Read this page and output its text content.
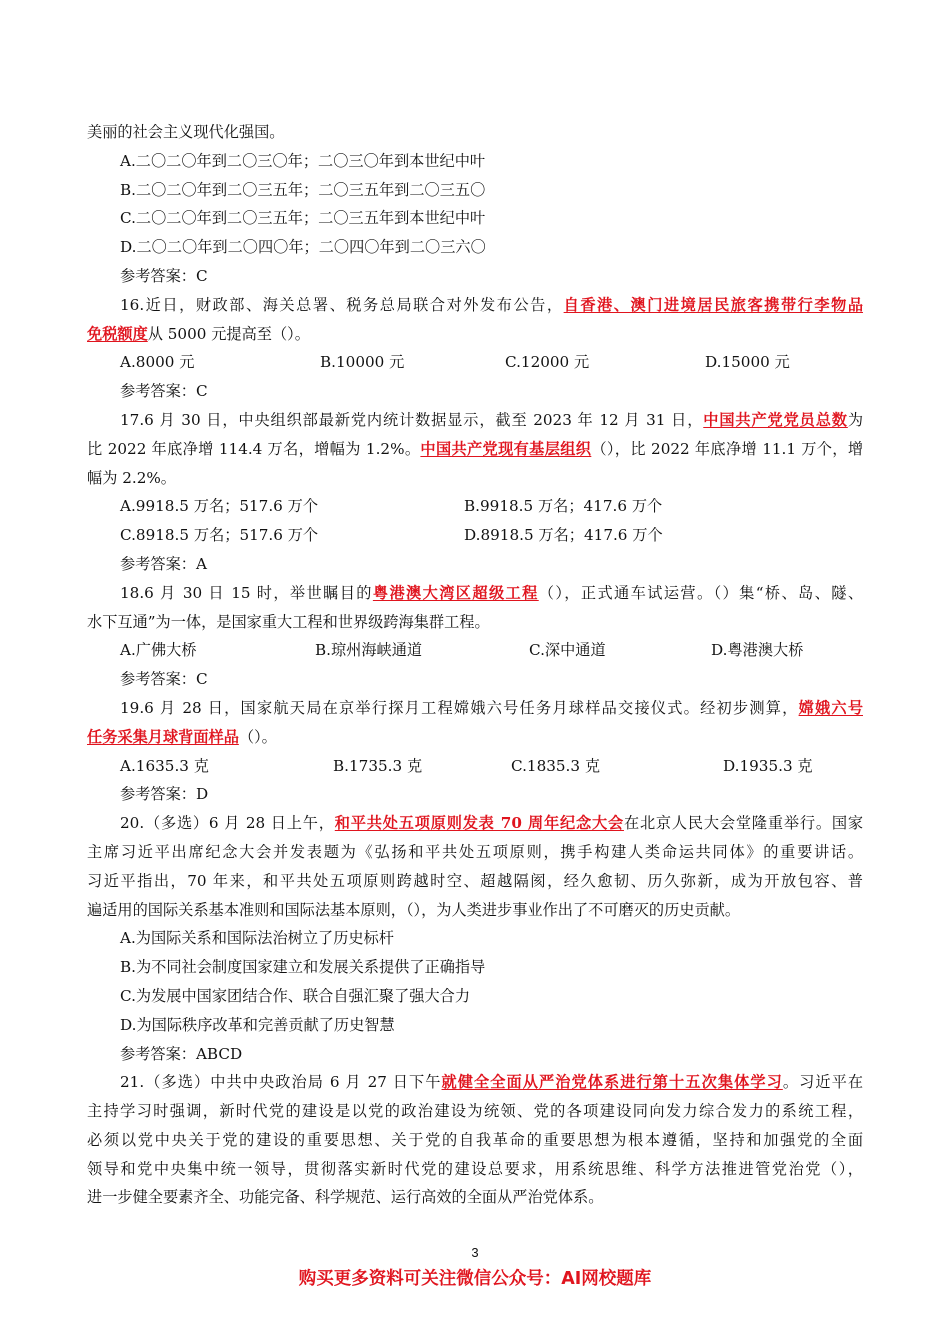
美丽的社会主义现代化强国。
A.二〇二〇年到二〇三〇年；二〇三〇年到本世纪中叶
B.二〇二〇年到二〇三五年；二〇三五年到二〇三五〇
C.二〇二〇年到二〇三五年；二〇三五年到本世纪中叶
D.二〇二〇年到二〇四〇年；二〇四〇年到二〇三六〇
参考答案：C
16.近日，财政部、海关总署、税务总局联合对外发布公告，自香港、澳门进境居民旅客携带行李物品
免税额度从 5000 元提高至（）。
A.8000 元	B.10000 元	C.12000 元	D.15000 元
参考答案：C
17.6 月 30 日，中央组织部最新党内统计数据显示，截至 2023 年 12 月 31 日，中国共产党党员总数为
比 2022 年底净增 114.4 万名，增幅为 1.2%。中国共产党现有基层组织（），比 2022 年底净增 11.1 万个，增
幅为 2.2%。
A.9918.5 万名；517.6 万个	B.9918.5 万名；417.6 万个
C.8918.5 万名；517.6 万个	D.8918.5 万名；417.6 万个
参考答案：A
18.6 月 30 日 15 时，举世瞩目的粤港澳大湾区超级工程（），正式通车试运营。（）集“桥、岛、隧、
水下互通”为一体，是国家重大工程和世界级跨海集群工程。
A.广佛大桥	B.琼州海峡通道	C.深中通道	D.粤港澳大桥
参考答案：C
19.6 月 28 日，国家航天局在京举行探月工程嫦娥六号任务月球样品交接仪式。经初步测算，嫦娥六号
任务采集月球背面样品（）。
A.1635.3 克	B.1735.3 克	C.1835.3 克	D.1935.3 克
参考答案：D
20.（多选）6 月 28 日上午，和平共处五项原则发表 70 周年纪念大会在北京人民大会堂隆重举行。国家
主席习近平出席纪念大会并发表题为《弘扬和平共处五项原则，携手构建人类命运共同体》的重要讲话。
习近平指出，70 年来，和平共处五项原则跨越时空、超越隔阂，经久愈韧、历久弥新，成为开放包容、普
遍适用的国际关系基本准则和国际法基本原则，（），为人类进步事业作出了不可磨灭的历史贡献。
A.为国际关系和国际法治树立了历史标杆
B.为不同社会制度国家建立和发展关系提供了正确指导
C.为发展中国家团结合作、联合自强汇聚了强大合力
D.为国际秩序改革和完善贡献了历史智慧
参考答案：ABCD
21.（多选）中共中央政治局 6 月 27 日下午就健全全面从严治党体系进行第十五次集体学习。习近平在
主持学习时强调，新时代党的建设是以党的政治建设为统领、党的各项建设同向发力综合发力的系统工程，
必须以党中央关于党的建设的重要思想、关于党的自我革命的重要思想为根本遵循，坚持和加强党的全面
领导和党中央集中统一领导，贯彻落实新时代党的建设总要求，用系统思维、科学方法推进管党治党（），
进一步健全要素齐全、功能完备、科学规范、运行高效的全面从严治党体系。
3
购买更多资料可关注微信公众号：AI网校题库
